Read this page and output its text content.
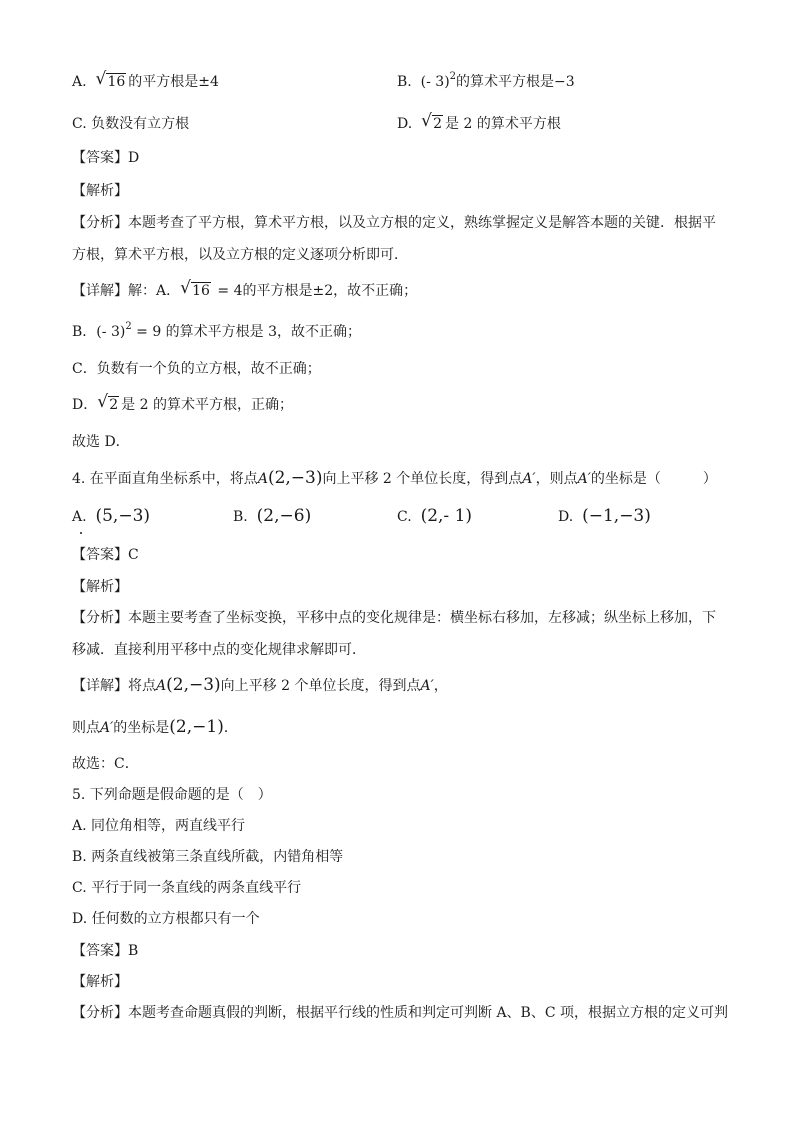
A. √ 16 的平方根是±4	B. (- 3)$^2$的算术平方根是−3
C. 负数没有立方根	D. √ 2 是 2 的算术平方根
【答案】D
【解析】
【分析】本题考查了平方根，算术平方根，以及立方根的定义，熟练掌握定义是解答本题的关键．根据平
方根，算术平方根，以及立方根的定义逐项分析即可．
【详解】解：A． √ 16 = 4的平方根是±2，故不正确；
B．(- 3)$^2$ = 9 的算术平方根是 3，故不正确；
C．负数有一个负的立方根，故不正确；
D． √ 2 是 2 的算术平方根，正确；
故选 D．
4. 在平面直角坐标系中，将点A(2,−3)向上平移 2 个单位长度，得到点A′，则点A′的坐标是（　　　）
A. (5,−3)	B. (2,−6)	C. (2,- 1)	D. (−1,−3)
【答案】C
【解析】
【分析】本题主要考查了坐标变换，平移中点的变化规律是：横坐标右移加，左移减；纵坐标上移加，下
移减．直接利用平移中点的变化规律求解即可．
【详解】将点A(2,−3)向上平移 2 个单位长度，得到点A′，
则点A′的坐标是(2,−1)．
故选：C．
5. 下列命题是假命题的是（　）
A. 同位角相等，两直线平行
B. 两条直线被第三条直线所截，内错角相等
C. 平行于同一条直线的两条直线平行
D. 任何数的立方根都只有一个
【答案】B
【解析】
【分析】本题考查命题真假的判断，根据平行线的性质和判定可判断 A、B、C 项，根据立方根的定义可判
